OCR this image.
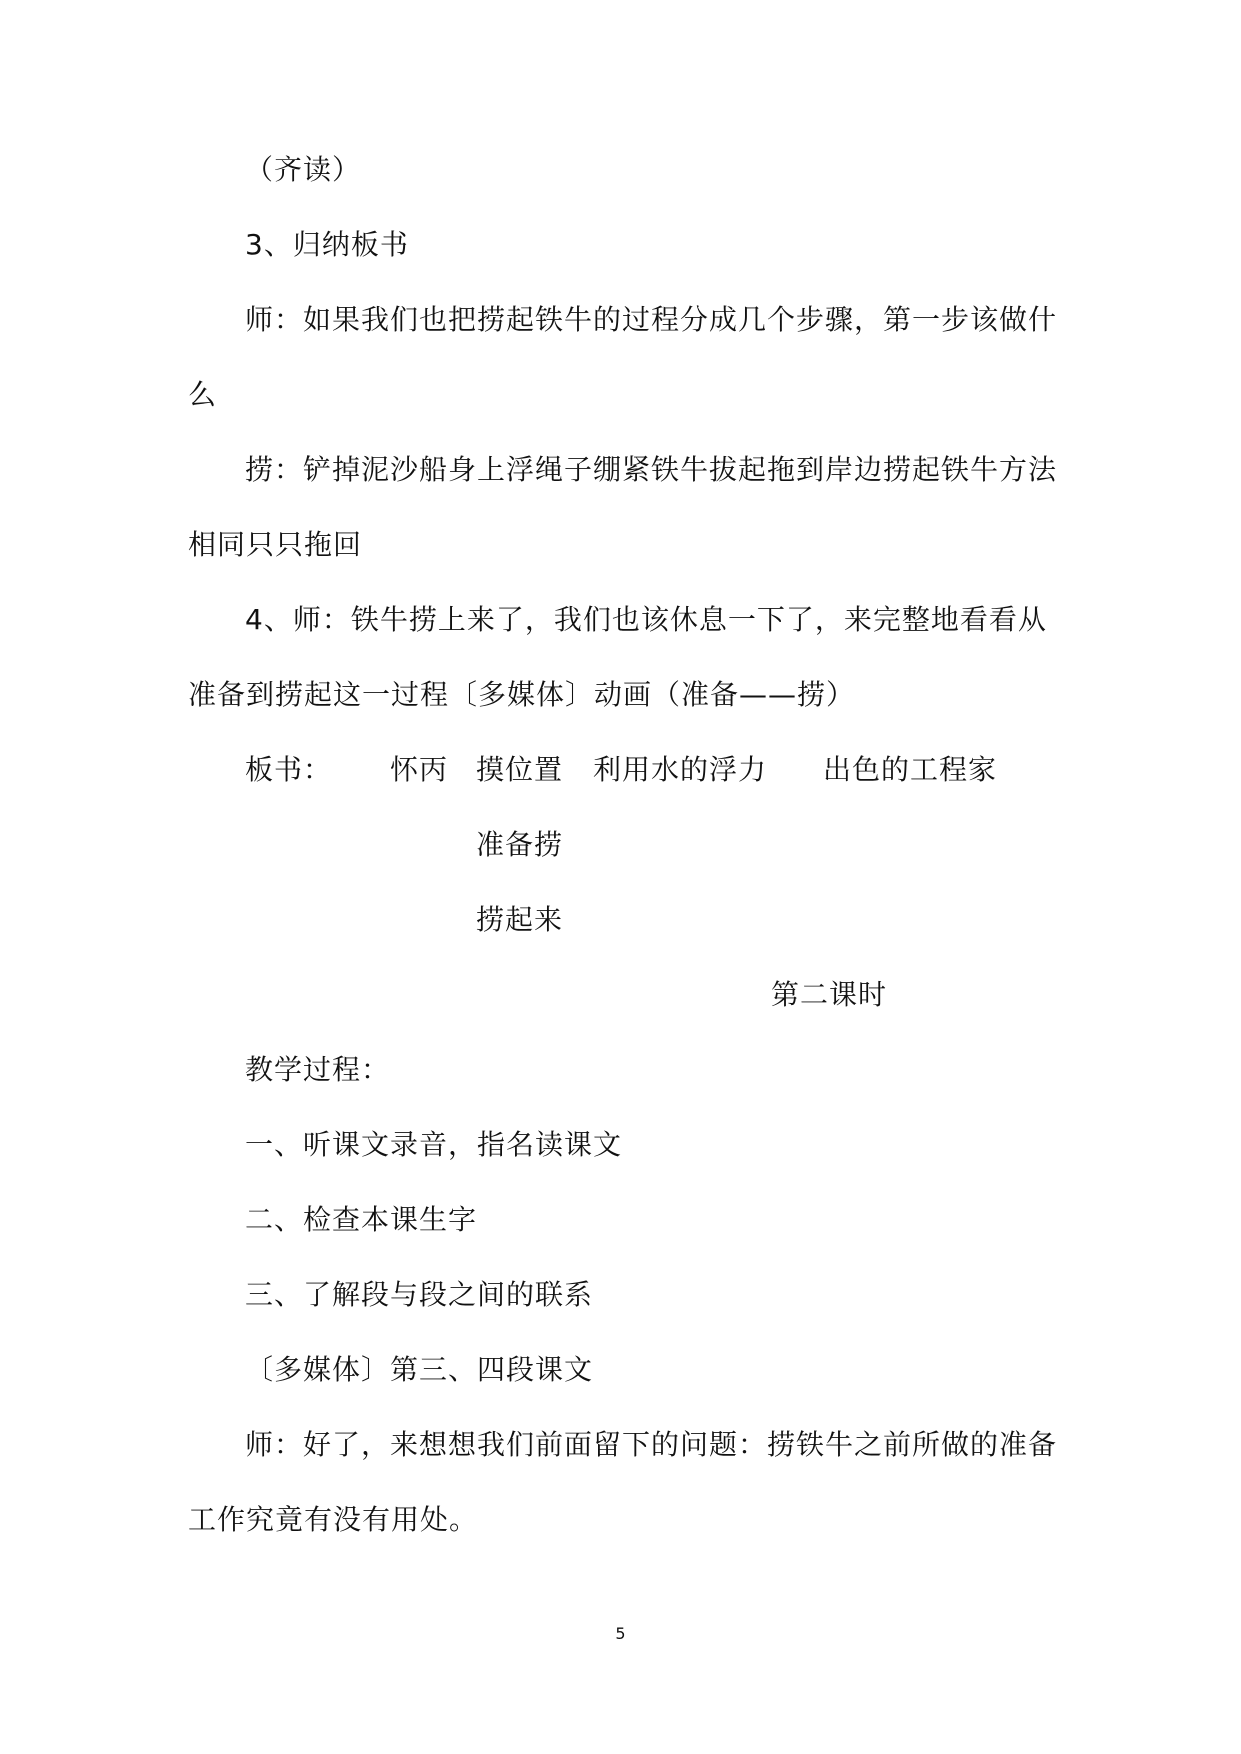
（齐读）
3、归纳板书
师：如果我们也把捞起铁牛的过程分成几个步骤，第一步该做什
么
捞：铲掉泥沙船身上浮绳子绷紧铁牛拔起拖到岸边捞起铁牛方法
相同只只拖回
4、师：铁牛捞上来了，我们也该休息一下了，来完整地看看从
准备到捞起这一过程〔多媒体〕动画（准备——捞）
板书： 怀丙 摸位置 利用水的浮力 出色的工程家
准备捞
捞起来
第二课时
教学过程：
一、听课文录音，指名读课文
二、检查本课生字
三、了解段与段之间的联系
〔多媒体〕第三、四段课文
师：好了，来想想我们前面留下的问题：捞铁牛之前所做的准备
工作究竟有没有用处。
5
